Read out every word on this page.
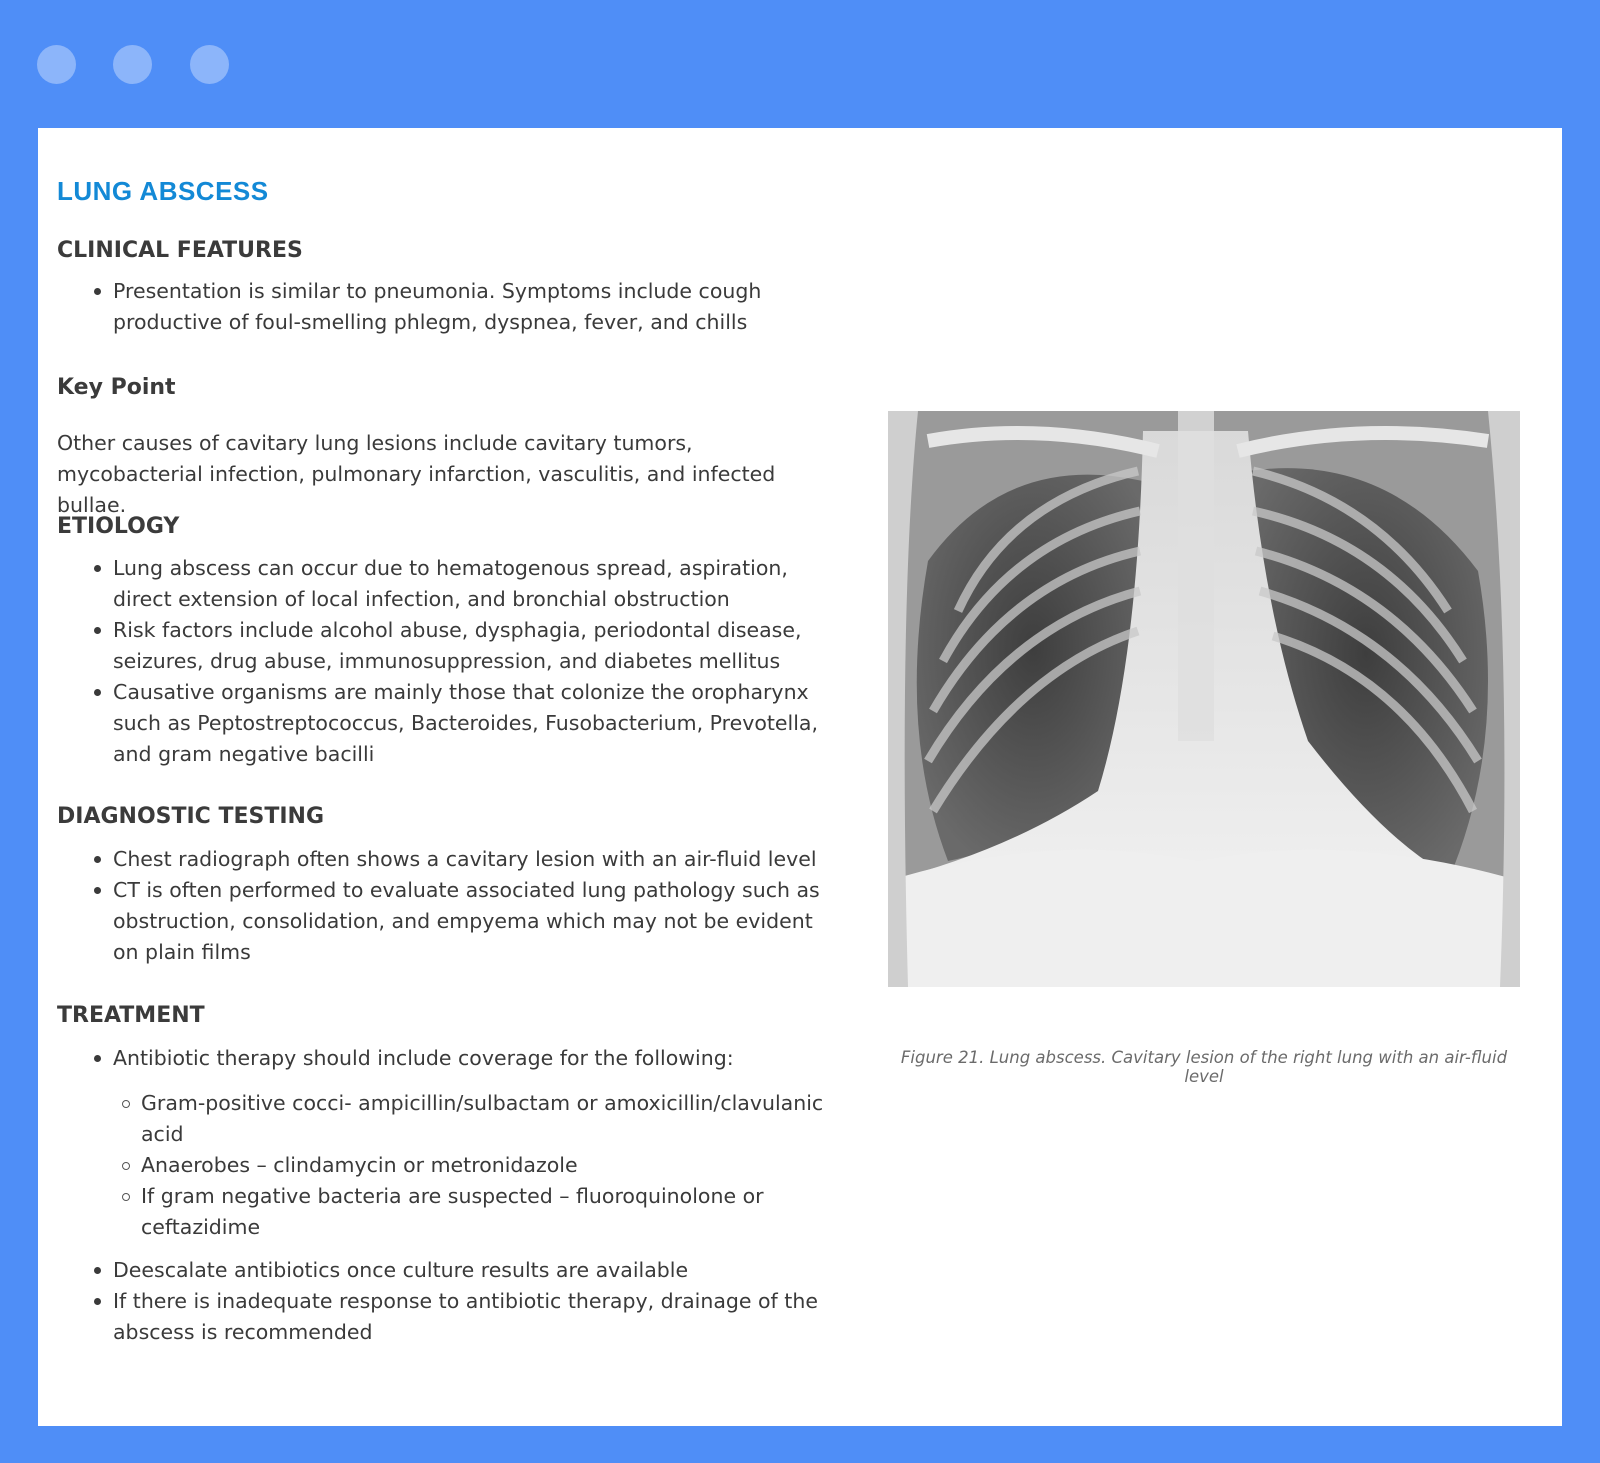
LUNG ABSCESS
CLINICAL FEATURES
Presentation is similar to pneumonia. Symptoms include cough productive of foul-smelling phlegm, dyspnea, fever, and chills
Key Point

Other causes of cavitary lung lesions include cavitary tumors, mycobacterial infection, pulmonary infarction, vasculitis, and infected bullae.

ETIOLOGY
Lung abscess can occur due to hematogenous spread, aspiration, direct extension of local infection, and bronchial obstruction
Risk factors include alcohol abuse, dysphagia, periodontal disease, seizures, drug abuse, immunosuppression, and diabetes mellitus
Causative organisms are mainly those that colonize the oropharynx such as Peptostreptococcus, Bacteroides, Fusobacterium, Prevotella, and gram negative bacilli
DIAGNOSTIC TESTING
Chest radiograph often shows a cavitary lesion with an air-fluid level
CT is often performed to evaluate associated lung pathology such as obstruction, consolidation, and empyema which may not be evident on plain films
TREATMENT
Antibiotic therapy should include coverage for the following:
Gram-positive cocci- ampicillin/sulbactam or amoxicillin/clavulanic acid
Anaerobes – clindamycin or metronidazole
If gram negative bacteria are suspected – fluoroquinolone or ceftazidime
Deescalate antibiotics once culture results are available
If there is inadequate response to antibiotic therapy, drainage of the abscess is recommended

Figure 21. Lung abscess. Cavitary lesion of the right lung with an air-fluid level
